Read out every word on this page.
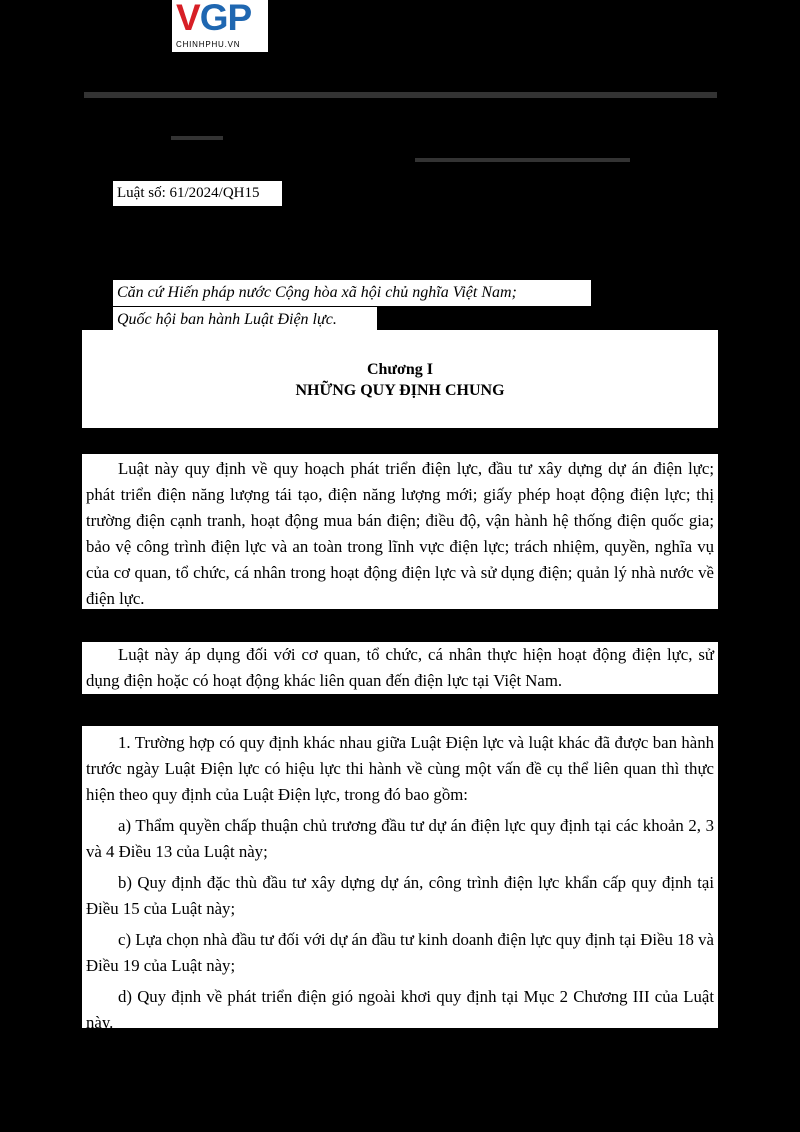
VGP
CHINHPHU.VN
Luật số: 61/2024/QH15
Căn cứ Hiến pháp nước Cộng hòa xã hội chủ nghĩa Việt Nam;
Quốc hội ban hành Luật Điện lực.
Chương I
NHỮNG QUY ĐỊNH CHUNG

Luật này quy định về quy hoạch phát triển điện lực, đầu tư xây dựng dự án điện lực; phát triển điện năng lượng tái tạo, điện năng lượng mới; giấy phép hoạt động điện lực; thị trường điện cạnh tranh, hoạt động mua bán điện; điều độ, vận hành hệ thống điện quốc gia; bảo vệ công trình điện lực và an toàn trong lĩnh vực điện lực; trách nhiệm, quyền, nghĩa vụ của cơ quan, tổ chức, cá nhân trong hoạt động điện lực và sử dụng điện; quản lý nhà nước về điện lực.

Luật này áp dụng đối với cơ quan, tổ chức, cá nhân thực hiện hoạt động điện lực, sử dụng điện hoặc có hoạt động khác liên quan đến điện lực tại Việt Nam.

1. Trường hợp có quy định khác nhau giữa Luật Điện lực và luật khác đã được ban hành trước ngày Luật Điện lực có hiệu lực thi hành về cùng một vấn đề cụ thể liên quan thì thực hiện theo quy định của Luật Điện lực, trong đó bao gồm:

a) Thẩm quyền chấp thuận chủ trương đầu tư dự án điện lực quy định tại các khoản 2, 3 và 4 Điều 13 của Luật này;

b) Quy định đặc thù đầu tư xây dựng dự án, công trình điện lực khẩn cấp quy định tại Điều 15 của Luật này;

c) Lựa chọn nhà đầu tư đối với dự án đầu tư kinh doanh điện lực quy định tại Điều 18 và Điều 19 của Luật này;

d) Quy định về phát triển điện gió ngoài khơi quy định tại Mục 2 Chương III của Luật này.
